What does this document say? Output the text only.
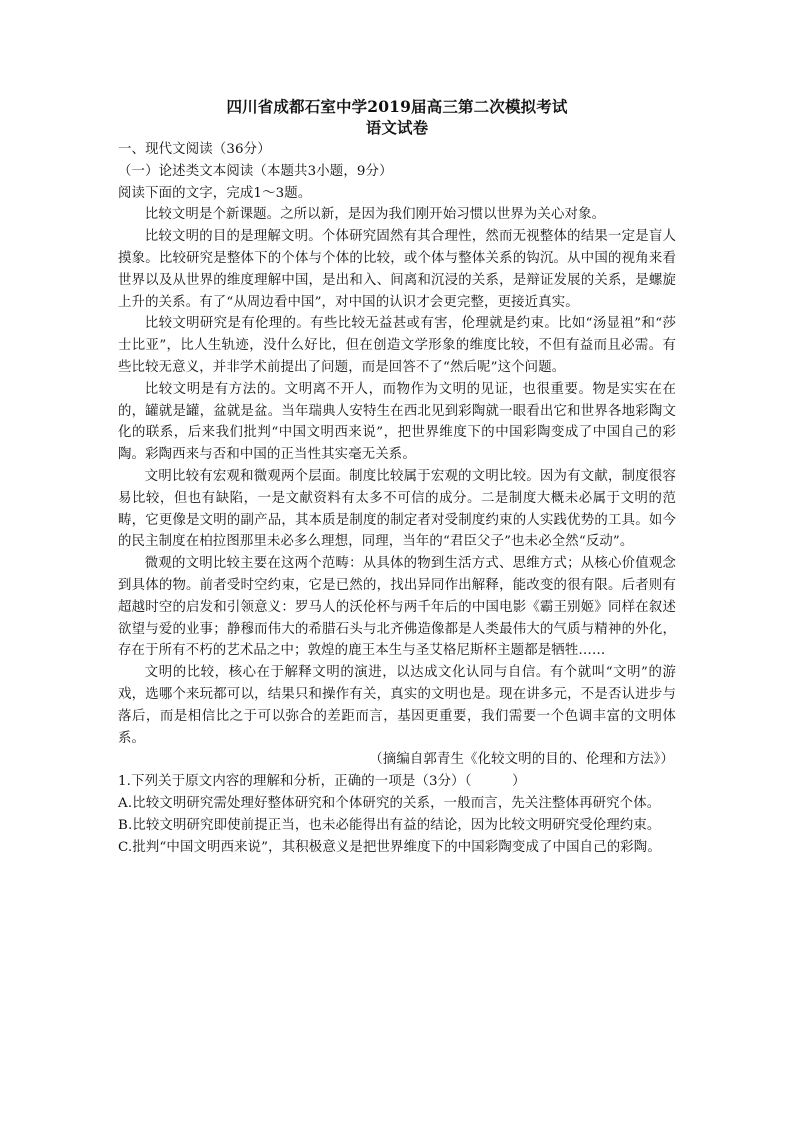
四川省成都石室中学2019届高三第二次模拟考试
语文试卷
一、现代文阅读（36分）
（一）论述类文本阅读（本题共3小题，9分）
阅读下面的文字，完成1～3题。
比较文明是个新课题。之所以新，是因为我们刚开始习惯以世界为关心对象。
比较文明的目的是理解文明。个体研究固然有其合理性，然而无视整体的结果一定是盲人摸象。比较研究是整体下的个体与个体的比较，或个体与整体关系的钩沉。从中国的视角来看世界以及从世界的维度理解中国，是出和入、间离和沉浸的关系，是辩证发展的关系，是螺旋上升的关系。有了“从周边看中国”，对中国的认识才会更完整，更接近真实。
比较文明研究是有伦理的。有些比较无益甚或有害，伦理就是约束。比如“汤显祖”和“莎士比亚”，比人生轨迹，没什么好比，但在创造文学形象的维度比较，不但有益而且必需。有些比较无意义，并非学术前提出了问题，而是回答不了“然后呢”这个问题。
比较文明是有方法的。文明离不开人，而物作为文明的见证，也很重要。物是实实在在的，罐就是罐，盆就是盆。当年瑞典人安特生在西北见到彩陶就一眼看出它和世界各地彩陶文化的联系，后来我们批判“中国文明西来说”，把世界维度下的中国彩陶变成了中国自己的彩陶。彩陶西来与否和中国的正当性其实毫无关系。
文明比较有宏观和微观两个层面。制度比较属于宏观的文明比较。因为有文献，制度很容易比较，但也有缺陷，一是文献资料有太多不可信的成分。二是制度大概未必属于文明的范畴，它更像是文明的副产品，其本质是制度的制定者对受制度约束的人实践优势的工具。如今的民主制度在柏拉图那里未必多么理想，同理，当年的“君臣父子”也未必全然“反动”。
微观的文明比较主要在这两个范畴：从具体的物到生活方式、思维方式；从核心价值观念到具体的物。前者受时空约束，它是已然的，找出异同作出解释，能改变的很有限。后者则有超越时空的启发和引领意义：罗马人的沃伦杯与两千年后的中国电影《霸王别姬》同样在叙述欲望与爱的业事；静穆而伟大的希腊石头与北齐佛造像都是人类最伟大的气质与精神的外化，存在于所有不朽的艺术品之中；敦煌的鹿王本生与圣艾格尼斯杯主题都是牺牲……
文明的比较，核心在于解释文明的演进，以达成文化认同与自信。有个就叫“文明”的游戏，选哪个来玩都可以，结果只和操作有关，真实的文明也是。现在讲多元，不是否认进步与落后，而是相信比之于可以弥合的差距而言，基因更重要，我们需要一个色调丰富的文明体系。
（摘编自郭青生《化较文明的目的、伦理和方法》）
1.下列关于原文内容的理解和分析，正确的一项是（3分）（　　　）
A.比较文明研究需处理好整体研究和个体研究的关系，一般而言，先关注整体再研究个体。
B.比较文明研究即使前提正当，也未必能得出有益的结论，因为比较文明研究受伦理约束。
C.批判“中国文明西来说”，其积极意义是把世界维度下的中国彩陶变成了中国自己的彩陶。
